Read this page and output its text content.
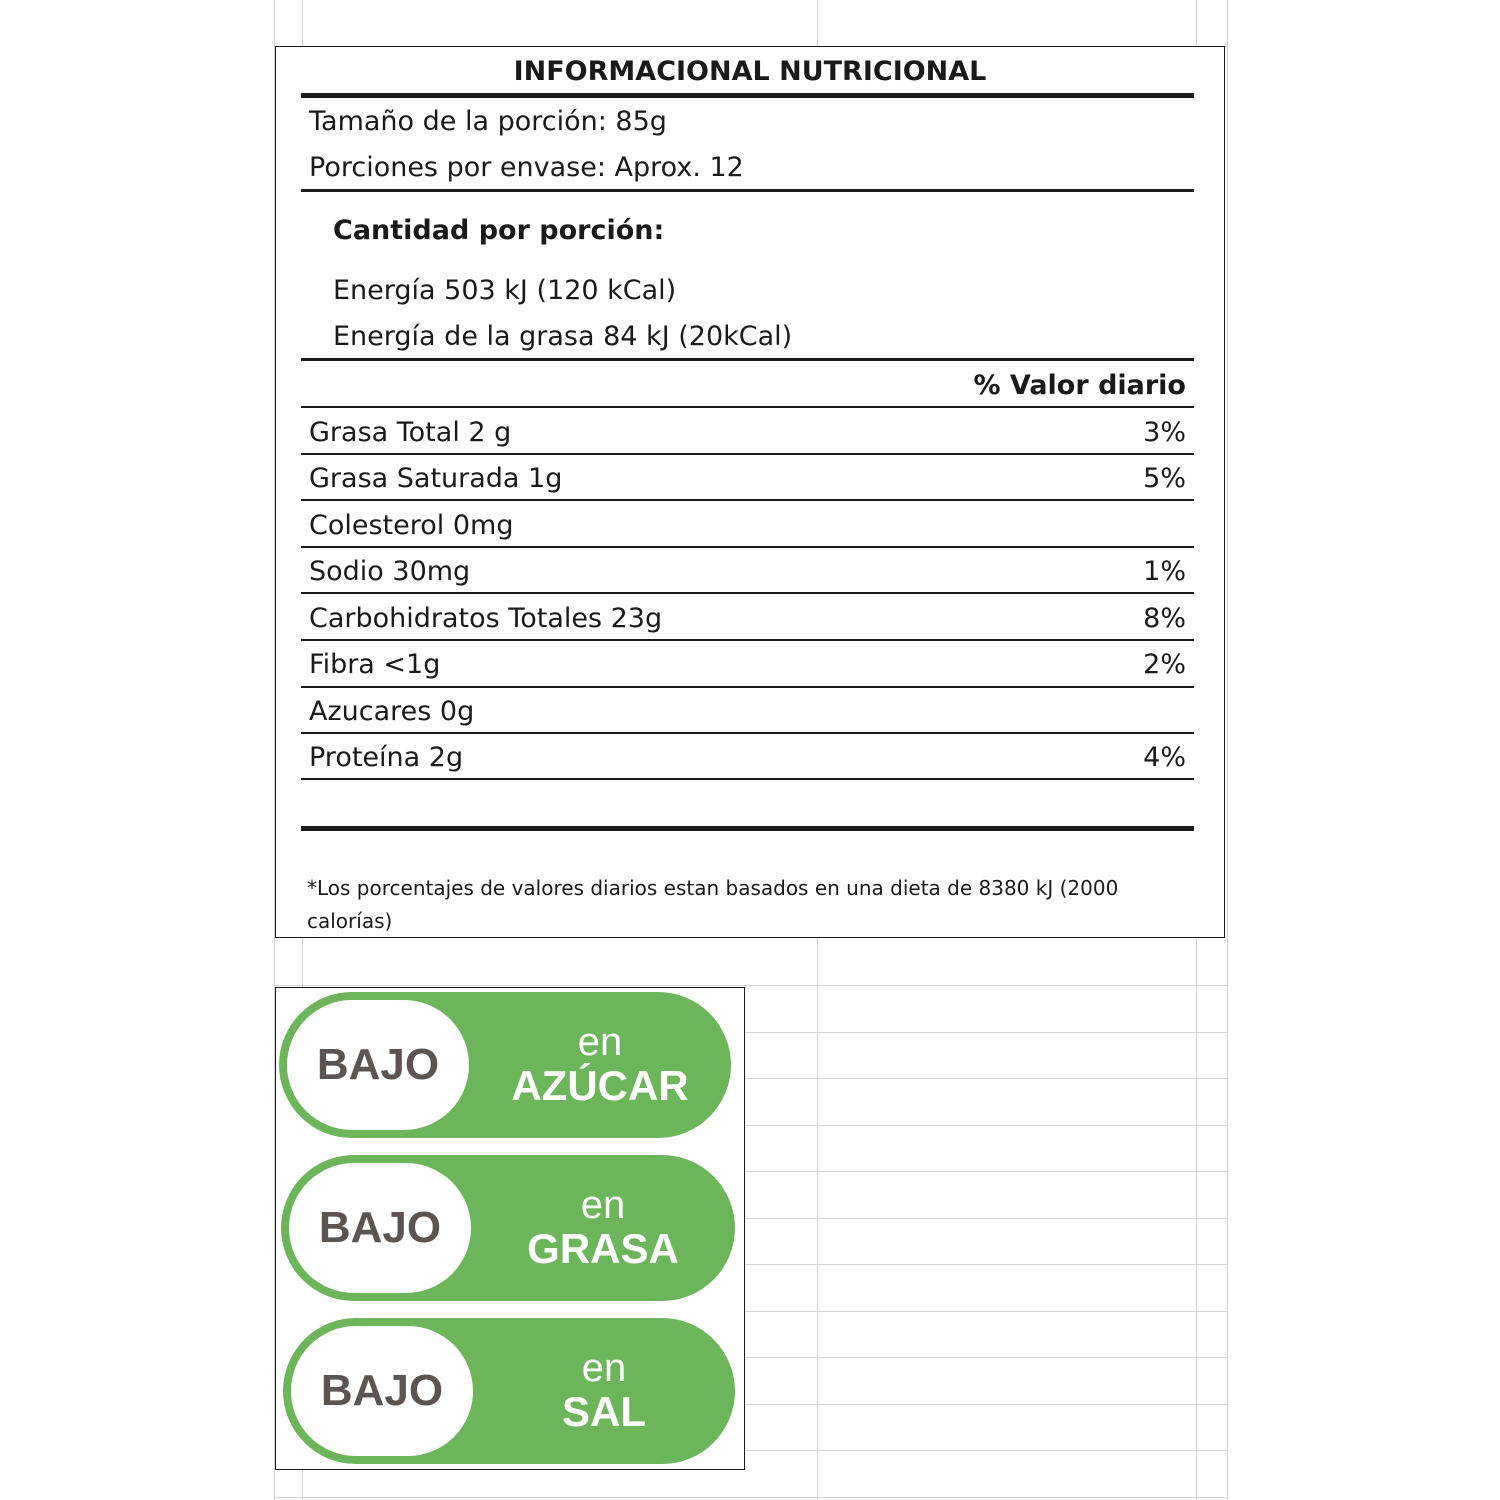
INFORMACIONAL NUTRICIONAL
Tamaño de la porción: 85g
Porciones por envase: Aprox. 12
Cantidad por porción:
Energía 503 kJ (120 kCal)
Energía de la grasa 84 kJ (20kCal)
% Valor diario
Grasa Total 2 g	3%
Grasa Saturada 1g	5%
Colesterol 0mg
Sodio 30mg	1%
Carbohidratos Totales 23g	8%
Fibra <1g	2%
Azucares 0g
Proteína 2g	4%
*Los porcentajes de valores diarios estan basados en una dieta de 8380 kJ (2000 calorías)
BAJO	en
AZÚCAR
BAJO	en
GRASA
BAJO	en
SAL
